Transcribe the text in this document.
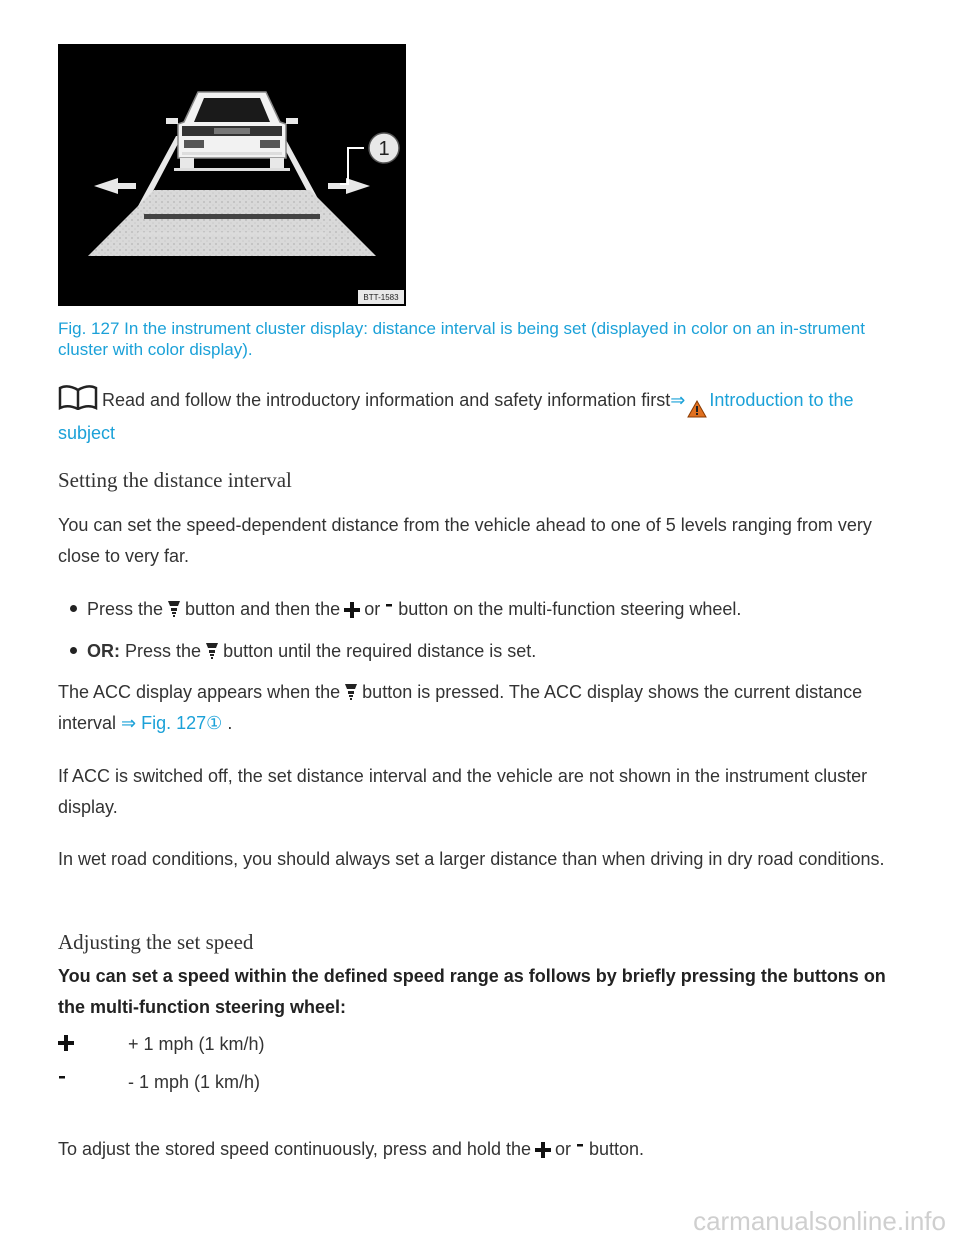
1
BTT-1583
Fig. 127 In the instrument cluster display: distance interval is being set (displayed in color on an in-strument cluster with color display).
Read and follow the introductory information and safety information first⇒ Introduction to the subject
Setting the distance interval

You can set the speed-dependent distance from the vehicle ahead to one of 5 levels ranging from very close to very far.

Press the button and then the or button on the multi-function steering wheel.
OR: Press the button until the required distance is set.

The ACC display appears when the button is pressed. The ACC display shows the current distance interval ⇒ Fig. 127① .

If ACC is switched off, the set distance interval and the vehicle are not shown in the instrument cluster display.

In wet road conditions, you should always set a larger distance than when driving in dry road conditions.

Adjusting the set speed

You can set a speed within the defined speed range as follows by briefly pressing the buttons on the multi-function steering wheel:

+ 1 mph (1 km/h)
- 1 mph (1 km/h)

To adjust the stored speed continuously, press and hold the or button.

carmanualsonline.info
